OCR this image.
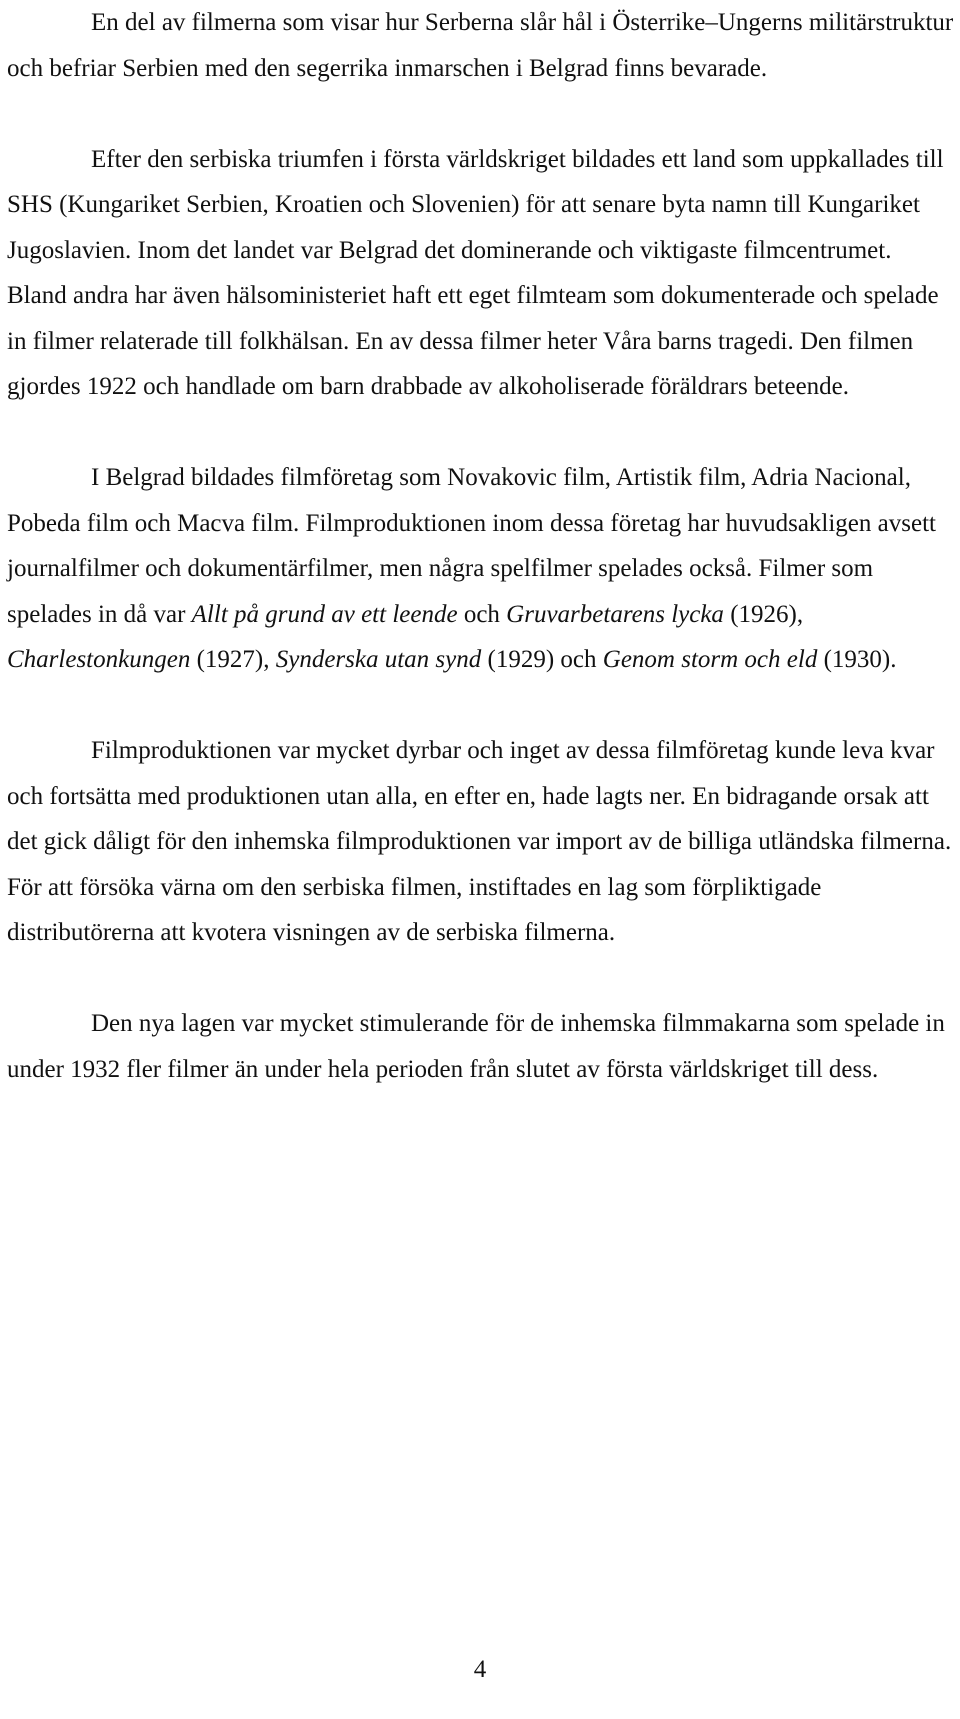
En del av filmerna som visar hur Serberna slår hål i Österrike–Ungerns militärstruktur och befriar Serbien med den segerrika inmarschen i Belgrad finns bevarade.

Efter den serbiska triumfen i första världskriget bildades ett land som uppkallades till SHS (Kungariket Serbien, Kroatien och Slovenien) för att senare byta namn till Kungariket Jugoslavien. Inom det landet var Belgrad det dominerande och viktigaste filmcentrumet. Bland andra har även hälsoministeriet haft ett eget filmteam som dokumenterade och spelade in filmer relaterade till folkhälsan. En av dessa filmer heter Våra barns tragedi. Den filmen gjordes 1922 och handlade om barn drabbade av alkoholiserade föräldrars beteende.

I Belgrad bildades filmföretag som Novakovic film, Artistik film, Adria Nacional, Pobeda film och Macva film. Filmproduktionen inom dessa företag har huvudsakligen avsett journalfilmer och dokumentärfilmer, men några spelfilmer spelades också. Filmer som spelades in då var Allt på grund av ett leende och Gruvarbetarens lycka (1926), Charlestonkungen (1927), Synderska utan synd (1929) och Genom storm och eld (1930).

Filmproduktionen var mycket dyrbar och inget av dessa filmföretag kunde leva kvar och fortsätta med produktionen utan alla, en efter en, hade lagts ner. En bidragande orsak att det gick dåligt för den inhemska filmproduktionen var import av de billiga utländska filmerna. För att försöka värna om den serbiska filmen, instiftades en lag som förpliktigade distributörerna att kvotera visningen av de serbiska filmerna.

Den nya lagen var mycket stimulerande för de inhemska filmmakarna som spelade in under 1932 fler filmer än under hela perioden från slutet av första världskriget till dess.

4
